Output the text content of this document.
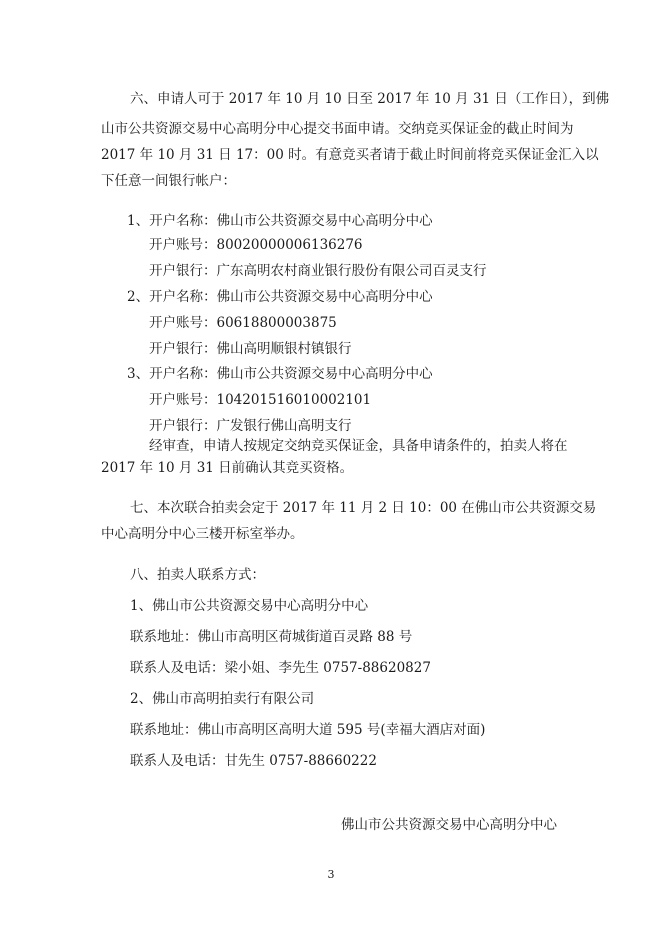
六、申请人可于 2017 年 10 月 10 日至 2017 年 10 月 31 日（工作日），到佛
山市公共资源交易中心高明分中心提交书面申请。交纳竞买保证金的截止时间为
2017 年 10 月 31 日 17：00 时。有意竞买者请于截止时间前将竞买保证金汇入以
下任意一间银行帐户：
1、开户名称：佛山市公共资源交易中心高明分中心
开户账号：80020000006136276
开户银行：广东高明农村商业银行股份有限公司百灵支行
2、开户名称：佛山市公共资源交易中心高明分中心
开户账号：60618800003875
开户银行：佛山高明顺银村镇银行
3、开户名称：佛山市公共资源交易中心高明分中心
开户账号：104201516010002101
开户银行：广发银行佛山高明支行
经审查，申请人按规定交纳竞买保证金，具备申请条件的，拍卖人将在
2017 年 10 月 31 日前确认其竞买资格。
七、本次联合拍卖会定于 2017 年 11 月 2 日 10：00 在佛山市公共资源交易
中心高明分中心三楼开标室举办。
八、拍卖人联系方式：
1、佛山市公共资源交易中心高明分中心
联系地址：佛山市高明区荷城街道百灵路 88 号
联系人及电话：梁小姐、李先生 0757-88620827
2、佛山市高明拍卖行有限公司
联系地址：佛山市高明区高明大道 595 号(幸福大酒店对面)
联系人及电话：甘先生 0757-88660222
佛山市公共资源交易中心高明分中心
3
